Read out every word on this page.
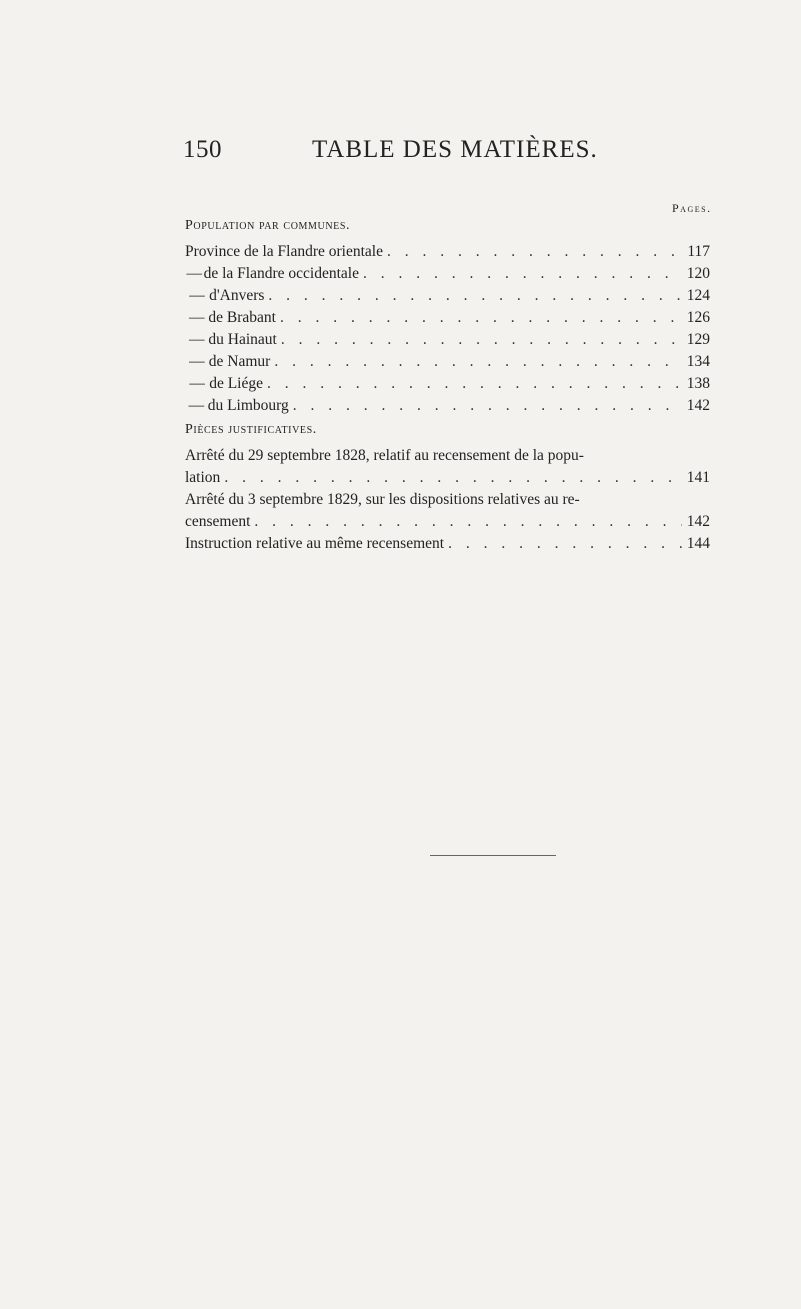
150	TABLE DES MATIÈRES.
Pages.
Population par communes.
Province de la Flandre orientale . . .	117
— de la Flandre occidentale . . .	120
— d'Anvers . . .	124
— de Brabant . . .	126
— du Hainaut . . .	129
— de Namur . . .	134
— de Liége . . .	138
— du Limbourg . . .	142
Pièces justificatives.
Arrêté du 29 septembre 1828, relatif au recensement de la popu-
lation . . .	141
Arrêté du 3 septembre 1829, sur les dispositions relatives au re-
censement . . .	142
Instruction relative au même recensement . . .	144
